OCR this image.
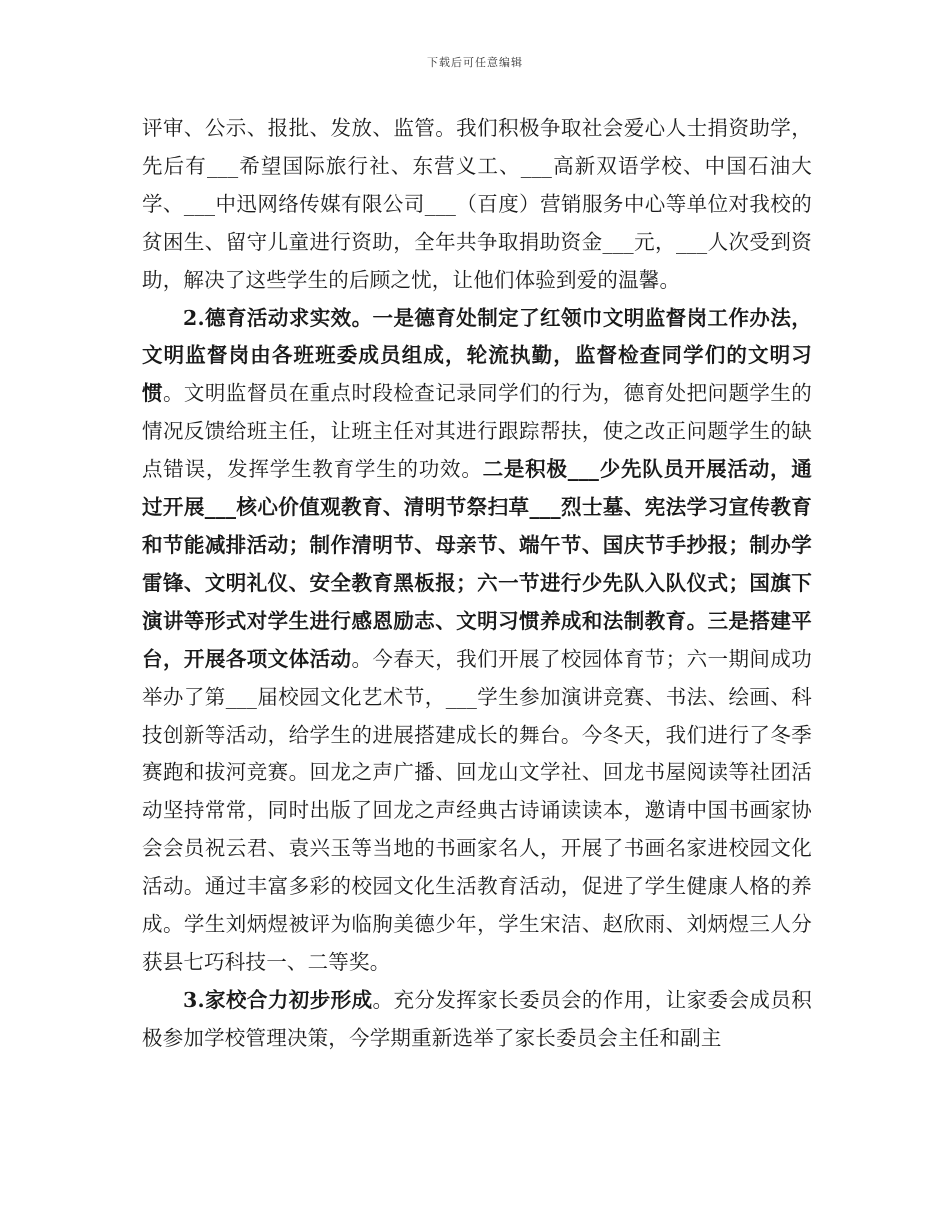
下载后可任意编辑

评审、公示、报批、发放、监管。我们积极争取社会爱心人士捐资助学，先后有___希望国际旅行社、东营义工、___高新双语学校、中国石油大学、___中迅网络传媒有限公司___（百度）营销服务中心等单位对我校的贫困生、留守儿童进行资助，全年共争取捐助资金___元，___人次受到资助，解决了这些学生的后顾之忧，让他们体验到爱的温馨。

2.德育活动求实效。一是德育处制定了红领巾文明监督岗工作办法，文明监督岗由各班班委成员组成，轮流执勤，监督检查同学们的文明习惯。文明监督员在重点时段检查记录同学们的行为，德育处把问题学生的情况反馈给班主任，让班主任对其进行跟踪帮扶，使之改正问题学生的缺点错误，发挥学生教育学生的功效。二是积极___少先队员开展活动，通过开展___核心价值观教育、清明节祭扫草___烈士墓、宪法学习宣传教育和节能减排活动；制作清明节、母亲节、端午节、国庆节手抄报；制办学雷锋、文明礼仪、安全教育黑板报；六一节进行少先队入队仪式；国旗下演讲等形式对学生进行感恩励志、文明习惯养成和法制教育。三是搭建平台，开展各项文体活动。今春天，我们开展了校园体育节；六一期间成功举办了第___届校园文化艺术节，___学生参加演讲竞赛、书法、绘画、科技创新等活动，给学生的进展搭建成长的舞台。今冬天，我们进行了冬季赛跑和拔河竞赛。回龙之声广播、回龙山文学社、回龙书屋阅读等社团活动坚持常常，同时出版了回龙之声经典古诗诵读读本，邀请中国书画家协会会员祝云君、袁兴玉等当地的书画家名人，开展了书画名家进校园文化活动。通过丰富多彩的校园文化生活教育活动，促进了学生健康人格的养成。学生刘炳煜被评为临朐美德少年，学生宋洁、赵欣雨、刘炳煜三人分获县七巧科技一、二等奖。

3.家校合力初步形成。充分发挥家长委员会的作用，让家委会成员积极参加学校管理决策，今学期重新选举了家长委员会主任和副主
